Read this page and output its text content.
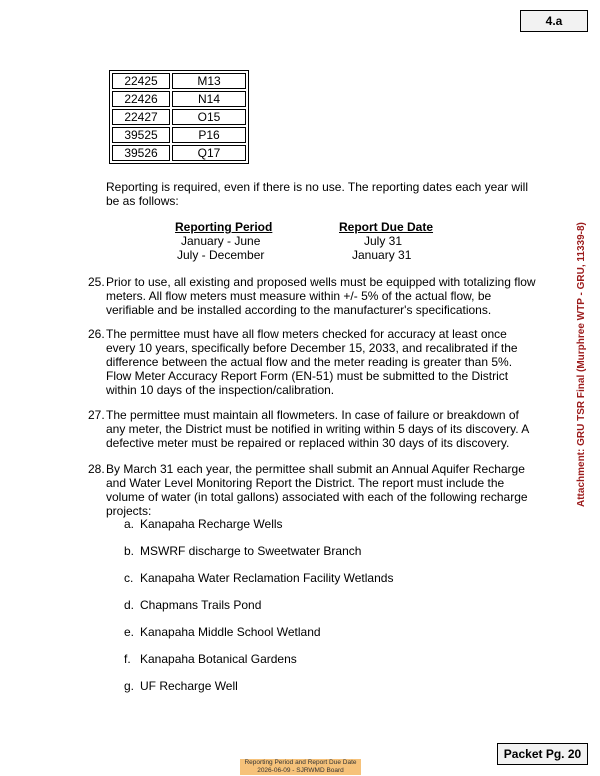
4.a
22425	M13
22426	N14
22427	O15
39525	P16
39526	Q17

Reporting is required, even if there is no use. The reporting dates each year will be as follows:

Reporting Period	Report Due Date
January - June	July 31
July - December	January 31
25. Prior to use, all existing and proposed wells must be equipped with totalizing flow meters. All flow meters must measure within +/- 5% of the actual flow, be verifiable and be installed according to the manufacturer's specifications.

26. The permittee must have all flow meters checked for accuracy at least once every 10 years, specifically before December 15, 2033, and recalibrated if the difference between the actual flow and the meter reading is greater than 5%. Flow Meter Accuracy Report Form (EN-51) must be submitted to the District within 10 days of the inspection/calibration.

27. The permittee must maintain all flowmeters. In case of failure or breakdown of any meter, the District must be notified in writing within 5 days of its discovery. A defective meter must be repaired or replaced within 30 days of its discovery.

28. By March 31 each year, the permittee shall submit an Annual Aquifer Recharge and Water Level Monitoring Report the District. The report must include the volume of water (in total gallons) associated with each of the following recharge projects:

a. Kanapaha Recharge Wells
b. MSWRF discharge to Sweetwater Branch
c. Kanapaha Water Reclamation Facility Wetlands
d. Chapmans Trails Pond
e. Kanapaha Middle School Wetland
f. Kanapaha Botanical Gardens
g. UF Recharge Well
Attachment: GRU TSR Final (Murphree WTP - GRU, 11339-8)
Packet Pg. 20
Reporting Period and Report Due Date
2026-06-09 - SJRWMD Board
